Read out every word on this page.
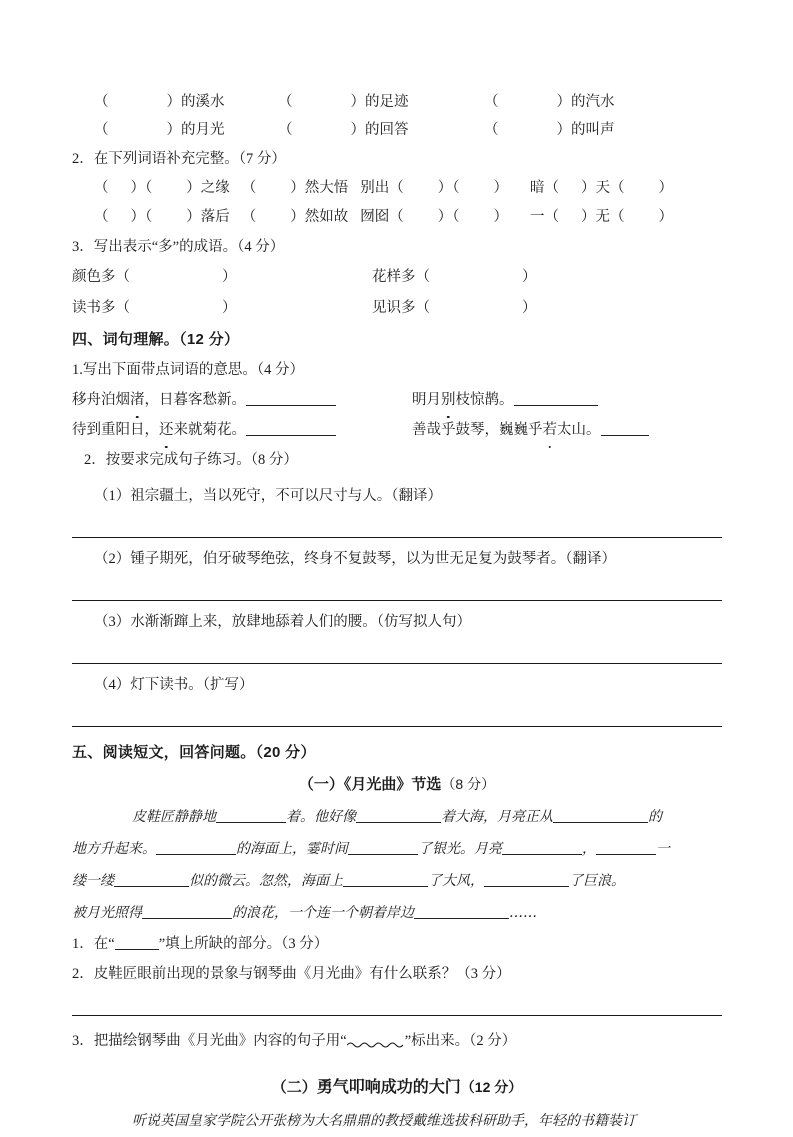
（	）的溪水	（	）的足迹	（	）的汽水
（	）的月光	（	）的回答	（	）的叫声
2．在下列词语补充完整。（7 分）
（ ）（ ）之缘 （ ）然大悟 别出（ ）（ ） 暗（ ）天（ ）
（ ）（ ）落后 （ ）然如故 囫囵（ ）（ ） 一（ ）无（ ）
3．写出表示“多”的成语。（4 分）
颜色多（	）	花样多（	）
读书多（	）	见识多（	）
四、词句理解。（12 分）
1.写出下面带点词语的意思。（4 分）
移舟泊烟渚，日暮客愁新。	明月别枝惊鹊。
待到重阳日，还来就菊花。	善哉乎鼓琴，巍巍乎若太山。
2．按要求完成句子练习。（8 分）
（1）祖宗疆土，当以死守，不可以尺寸与人。（翻译）
（2）锺子期死，伯牙破琴绝弦，终身不复鼓琴，以为世无足复为鼓琴者。（翻译）
（3）水渐渐蹿上来，放肆地舔着人们的腰。（仿写拟人句）
（4）灯下读书。（扩写）
五、阅读短文，回答问题。（20 分）
（一）《月光曲》节选（8 分）
皮鞋匠静静地	着。他好像	着大海，月亮正从	的
地方升起来。	的海面上，霎时间	了银光。月亮	，	一
缕一缕	似的微云。忽然，海面上	了大风，	了巨浪。
被月光照得	的浪花，一个连一个朝着岸边	……
1．在“	”填上所缺的部分。（3 分）
2．皮鞋匠眼前出现的景象与钢琴曲《月光曲》有什么联系？（3 分）
3．把描绘钢琴曲《月光曲》内容的句子用“	”标出来。（2 分）
（二）勇气叩响成功的大门（12 分）
听说英国皇家学院公开张榜为大名鼎鼎的教授戴维选拔科研助手，年轻的书籍装订
